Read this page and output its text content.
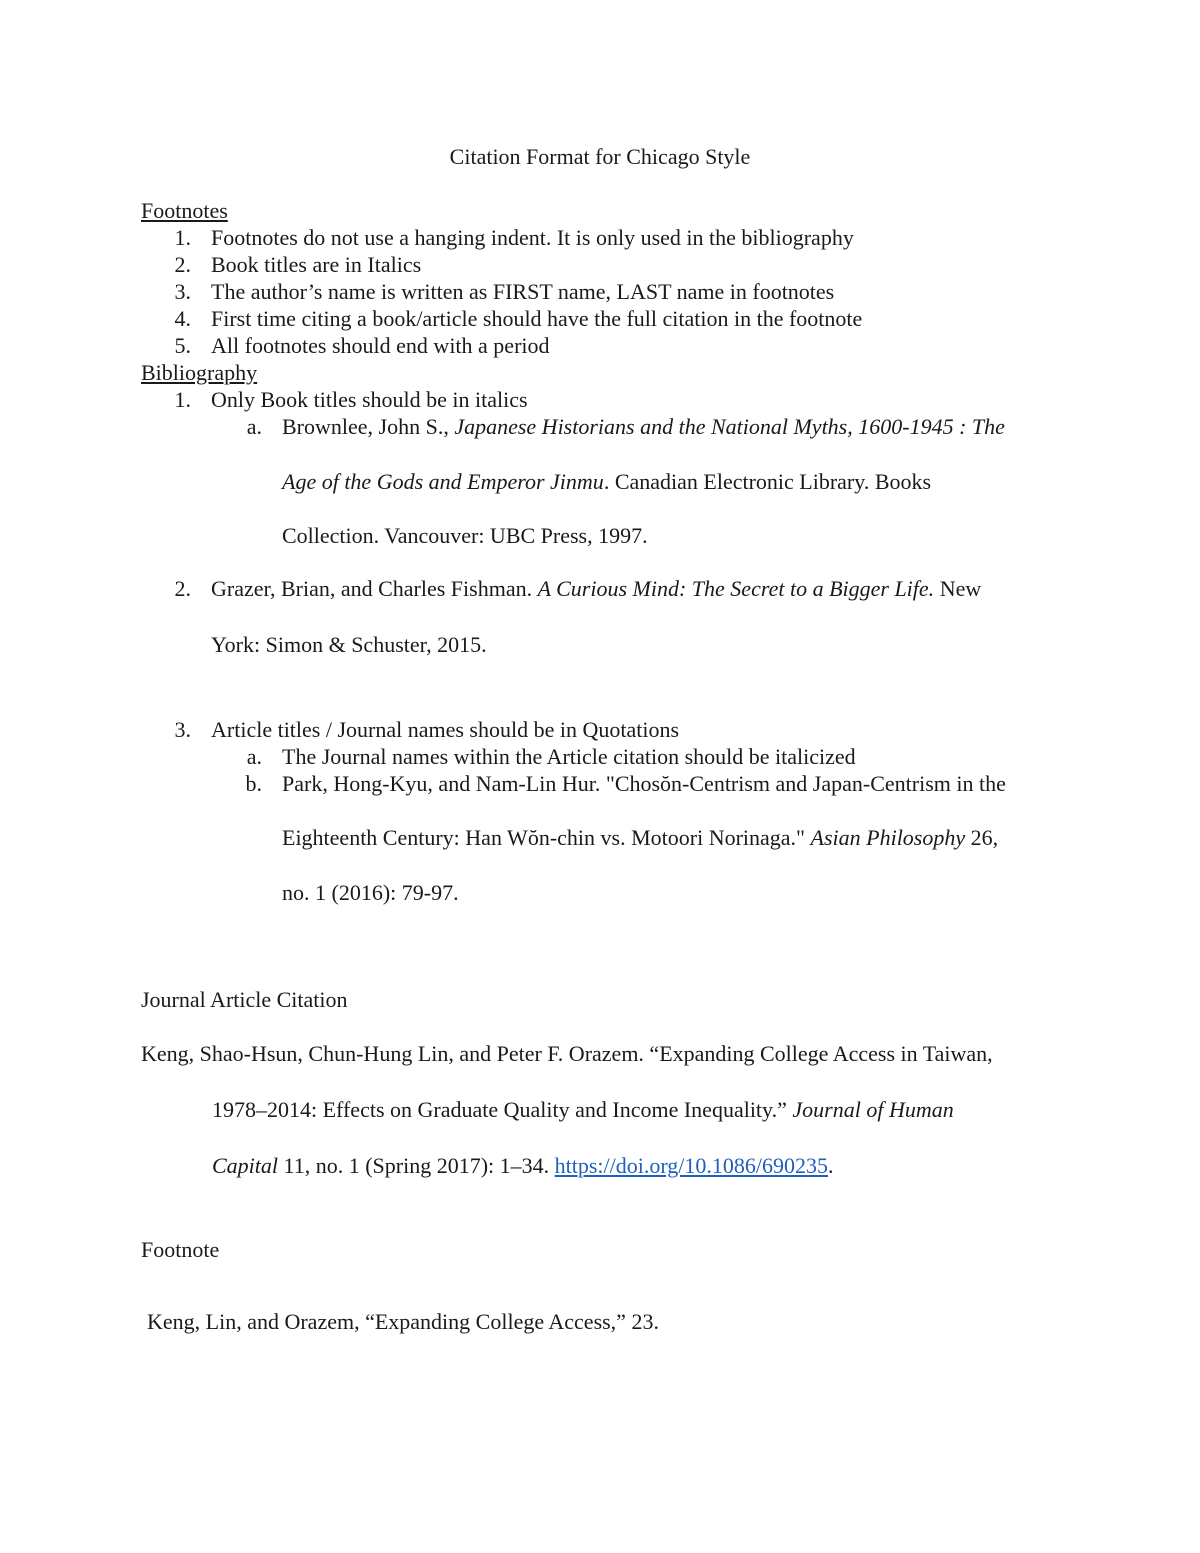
Citation Format for Chicago Style
Footnotes
1. Footnotes do not use a hanging indent. It is only used in the bibliography
2. Book titles are in Italics
3. The author’s name is written as FIRST name, LAST name in footnotes
4. First time citing a book/article should have the full citation in the footnote
5. All footnotes should end with a period
Bibliography
1. Only Book titles should be in italics
a. Brownlee, John S., Japanese Historians and the National Myths, 1600-1945 : The
Age of the Gods and Emperor Jinmu. Canadian Electronic Library. Books
Collection. Vancouver: UBC Press, 1997.
2. Grazer, Brian, and Charles Fishman. A Curious Mind: The Secret to a Bigger Life. New
York: Simon & Schuster, 2015.
3. Article titles / Journal names should be in Quotations
a. The Journal names within the Article citation should be italicized
b. Park, Hong-Kyu, and Nam-Lin Hur. "Chosŏn-Centrism and Japan-Centrism in the
Eighteenth Century: Han Wŏn-chin vs. Motoori Norinaga." Asian Philosophy 26,
no. 1 (2016): 79-97.
Journal Article Citation
Keng, Shao-Hsun, Chun-Hung Lin, and Peter F. Orazem. “Expanding College Access in Taiwan,
1978–2014: Effects on Graduate Quality and Income Inequality.” Journal of Human
Capital 11, no. 1 (Spring 2017): 1–34. https://doi.org/10.1086/690235.
Footnote
Keng, Lin, and Orazem, “Expanding College Access,” 23.
